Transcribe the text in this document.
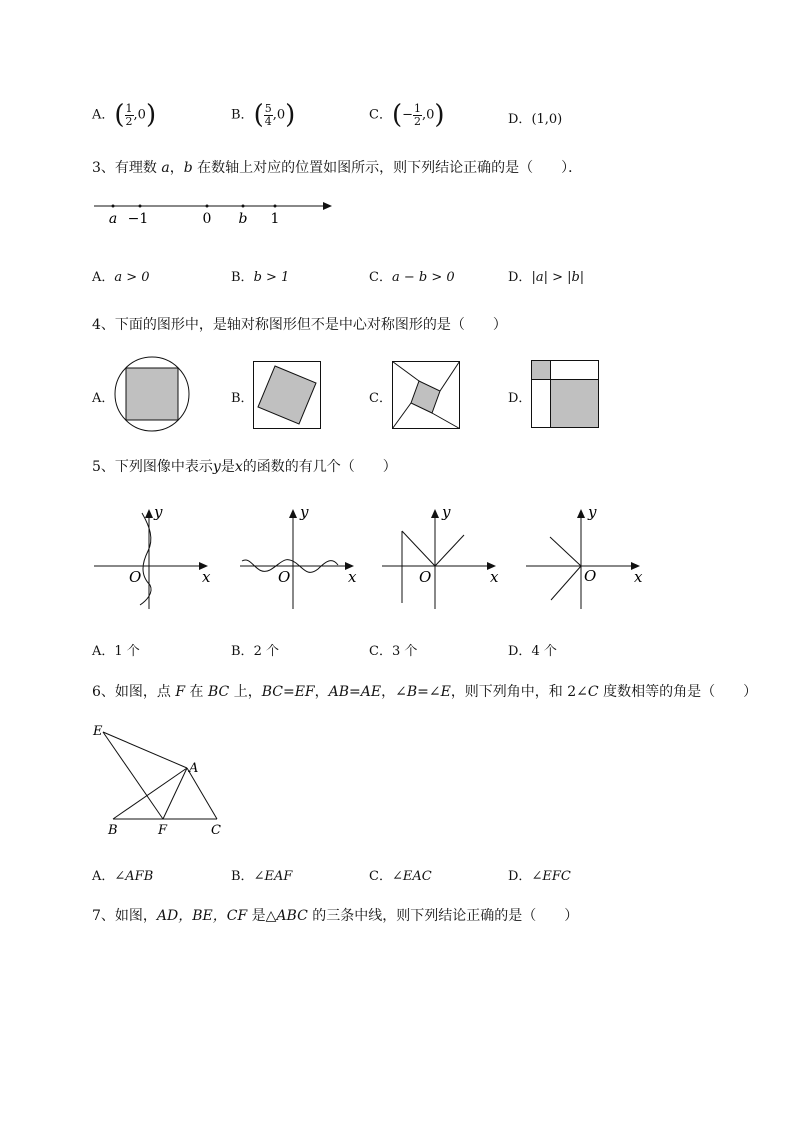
A．( $\frac{1}{2} ,0$)	B．( $\frac{5}{4} ,0$)	C．(− $\frac{1}{2} ,0$)	D．(1,0)
3、有理数 a，b 在数轴上对应的位置如图所示，则下列结论正确的是（　　）．
a −1	0 b 1
A．a > 0	B．b > 1	C．a − b > 0	D．|a| > |b|
4、下面的图形中，是轴对称图形但不是中心对称图形的是（　　）
A．	B．	C．	D．
5、下列图像中表示y是x的函数的有几个（　　）
x
y
O	x
y
O	x
y
O	x
y
O
A．1 个	B．2 个	C．3 个	D．4 个
6、如图，点 F 在 BC 上，BC=EF，AB=AE，∠B=∠E，则下列角中，和 2∠C 度数相等的角是（　　）
E
A
B	F	C
A．∠AFB	B．∠EAF	C．∠EAC	D．∠EFC
7、如图，AD，BE，CF 是△ABC 的三条中线，则下列结论正确的是（　　）
